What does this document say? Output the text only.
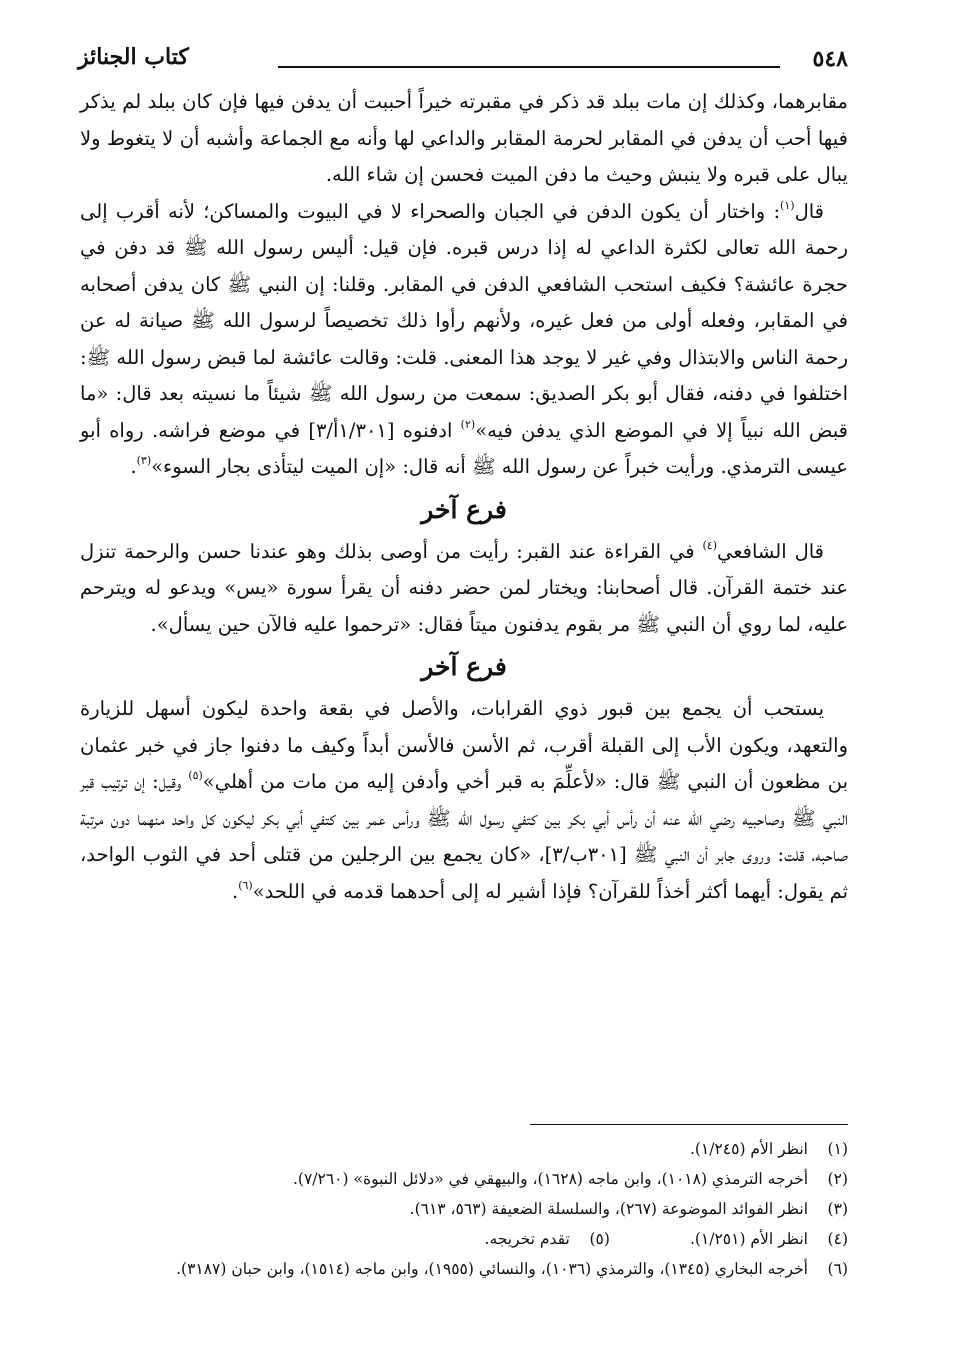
٥٤٨
كتاب الجنائز

مقابرهما، وكذلك إن مات ببلد قد ذكر في مقبرته خيراً أحببت أن يدفن فيها فإن كان ببلد لم يذكر فيها أحب أن يدفن في المقابر لحرمة المقابر والداعي لها وأنه مع الجماعة وأشبه أن لا يتغوط ولا يبال على قبره ولا ينبش وحيث ما دفن الميت فحسن إن شاء الله.

قال$^{(١)}$: واختار أن يكون الدفن في الجبان والصحراء لا في البيوت والمساكن؛ لأنه أقرب إلى رحمة الله تعالى لكثرة الداعي له إذا درس قبره. فإن قيل: أليس رسول الله ﷺ قد دفن في حجرة عائشة؟ فكيف استحب الشافعي الدفن في المقابر. وقلنا: إن النبي ﷺ كان يدفن أصحابه في المقابر، وفعله أولى من فعل غيره، ولأنهم رأوا ذلك تخصيصاً لرسول الله ﷺ صيانة له عن رحمة الناس والابتذال وفي غير لا يوجد هذا المعنى. قلت: وقالت عائشة لما قبض رسول الله ﷺ: اختلفوا في دفنه، فقال أبو بكر الصديق: سمعت من رسول الله ﷺ شيئاً ما نسيته بعد قال: «ما قبض الله نبياً إلا في الموضع الذي يدفن فيه»$^{(٢)}$ ادفنوه [١/٣٠١أ/٣] في موضع فراشه. رواه أبو عيسى الترمذي. ورأيت خبراً عن رسول الله ﷺ أنه قال: «إن الميت ليتأذى بجار السوء»$^{(٣)}$.

فرع آخر

قال الشافعي$^{(٤)}$ في القراءة عند القبر: رأيت من أوصى بذلك وهو عندنا حسن والرحمة تنزل عند ختمة القرآن. قال أصحابنا: ويختار لمن حضر دفنه أن يقرأ سورة «يس» ويدعو له ويترحم عليه، لما روي أن النبي ﷺ مر بقوم يدفنون ميتاً فقال: «ترحموا عليه فالآن حين يسأل».

فرع آخر

يستحب أن يجمع بين قبور ذوي القرابات، والأصل في بقعة واحدة ليكون أسهل للزيارة والتعهد، ويكون الأب إلى القبلة أقرب، ثم الأسن فالأسن أبداً وكيف ما دفنوا جاز في خبر عثمان بن مظعون أن النبي ﷺ قال: «لأعلِّمَ به قبر أخي وأدفن إليه من مات من أهلي»$^{(٥)}$ وقيل: إن ترتيب قبر النبي ﷺ وصاحبيه رضي الله عنه أن رأس أبي بكر بين كتفي رسول الله ﷺ ورأس عمر بين كتفي أبي بكر ليكون كل واحد منهما دون مرتبة صاحبه، قلت: وروى جابر أن النبي ﷺ [٣٠١ب/٣]، «كان يجمع بين الرجلين من قتلى أحد في الثوب الواحد، ثم يقول: أيهما أكثر أخذاً للقرآن؟ فإذا أشير له إلى أحدهما قدمه في اللحد»$^{(٦)}$.

(١)
انظر الأم (١/٢٤٥).
(٢)
أخرجه الترمذي (١٠١٨)، وابن ماجه (١٦٢٨)، والبيهقي في «دلائل النبوة» (٧/٢٦٠).
(٣)
انظر الفوائد الموضوعة (٢٦٧)، والسلسلة الضعيفة (٥٦٣، ٦١٣).
(٤)
انظر الأم (١/٢٥١).(٥)    تقدم تخريجه.
(٦)
أخرجه البخاري (١٣٤٥)، والترمذي (١٠٣٦)، والنسائي (١٩٥٥)، وابن ماجه (١٥١٤)، وابن حبان (٣١٨٧).
